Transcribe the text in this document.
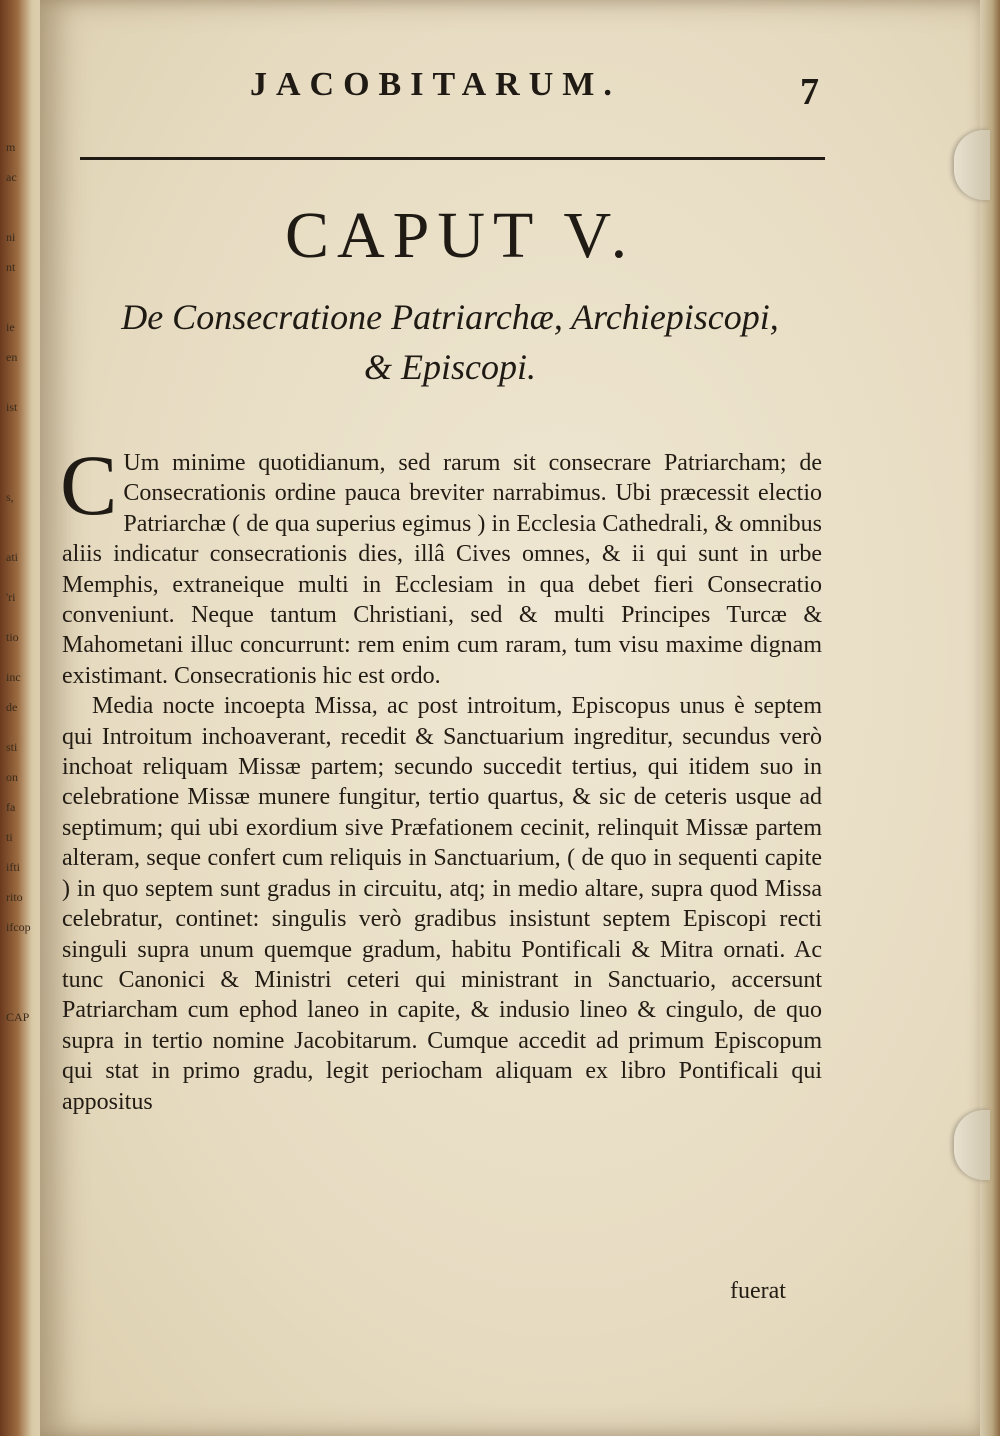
m
ac
ni
nt
ie
en
ist
s,
ati
'ri
tio
inc
de
sti
on
fa
ti
ifti
rito
ifcop
CAP
JACOBITARUM.	7
CAPUT V.
De Consecratione Patriarchæ, Archiepiscopi,
& Episcopi.

C Um minime quotidianum, sed rarum sit consecrare Patriarcham; de Consecrationis ordine pauca breviter narrabimus. Ubi præcessit electio Patriarchæ ( de qua superius egimus ) in Ecclesia Cathedrali, & omnibus aliis indicatur consecrationis dies, illâ Cives omnes, & ii qui sunt in urbe Memphis, extraneique multi in Ecclesiam in qua debet fieri Consecratio conveniunt. Neque tantum Christiani, sed & multi Principes Turcæ & Mahometani illuc concurrunt: rem enim cum raram, tum visu maxime dignam existimant. Consecrationis hic est ordo.

Media nocte incoepta Missa, ac post introitum, Episcopus unus è septem qui Introitum inchoaverant, recedit & Sanctuarium ingreditur, secundus verò inchoat reliquam Missæ partem; secundo succedit tertius, qui itidem suo in celebratione Missæ munere fungitur, tertio quartus, & sic de ceteris usque ad septimum; qui ubi exordium sive Præfationem cecinit, relinquit Missæ partem alteram, seque confert cum reliquis in Sanctuarium, ( de quo in sequenti capite ) in quo septem sunt gradus in circuitu, atq; in medio altare, supra quod Missa celebratur, continet: singulis verò gradibus insistunt septem Episcopi recti singuli supra unum quemque gradum, habitu Pontificali & Mitra ornati. Ac tunc Canonici & Ministri ceteri qui ministrant in Sanctuario, accersunt Patriarcham cum ephod laneo in capite, & indusio lineo & cingulo, de quo supra in tertio nomine Jacobitarum. Cumque accedit ad primum Episcopum qui stat in primo gradu, legit periocham aliquam ex libro Pontificali qui appositus

fuerat
